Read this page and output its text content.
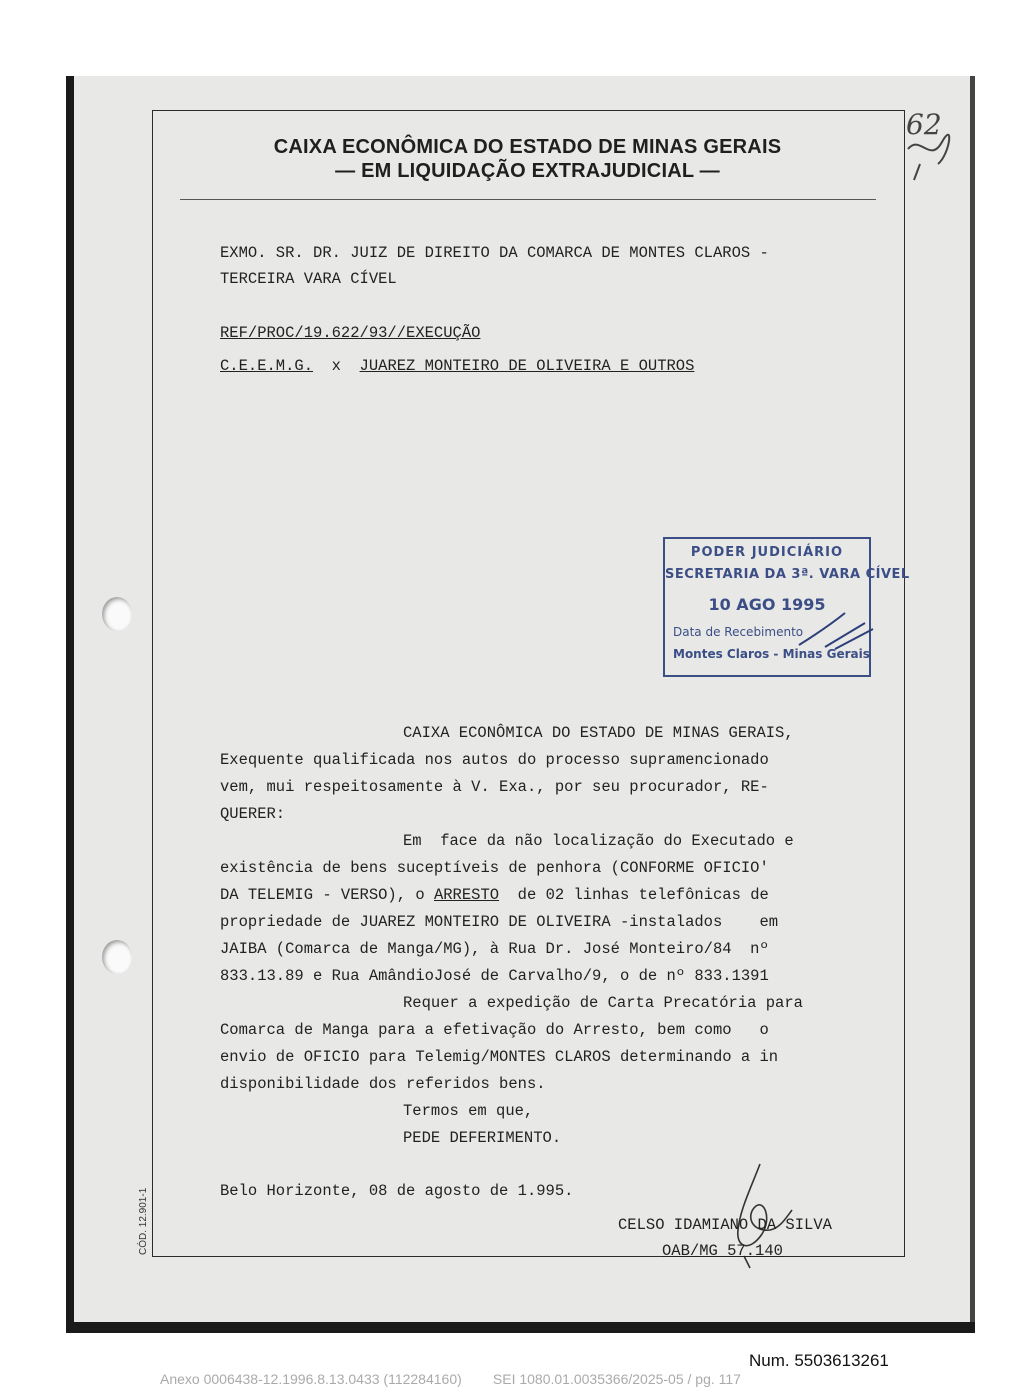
CAIXA ECONÔMICA DO ESTADO DE MINAS GERAIS
— EM LIQUIDAÇÃO EXTRAJUDICIAL —
62
EXMO. SR. DR. JUIZ DE DIREITO DA COMARCA DE MONTES CLAROS -
TERCEIRA VARA CÍVEL
REF/PROC/19.622/93//EXECUÇÃO
C.E.E.M.G. x JUAREZ MONTEIRO DE OLIVEIRA E OUTROS
PODER JUDICIÁRIO
SECRETARIA DA 3ª. VARA CÍVEL
10 AGO 1995
Data de Recebimento
Montes Claros - Minas Gerais
CAIXA ECONÔMICA DO ESTADO DE MINAS GERAIS,
Exequente qualificada nos autos do processo supramencionado
vem, mui respeitosamente à V. Exa., por seu procurador, RE-
QUERER:
Em  face da não localização do Executado e
existência de bens suceptíveis de penhora (CONFORME OFICIO'
DA TELEMIG - VERSO), o ARRESTO  de 02 linhas telefônicas de
propriedade de JUAREZ MONTEIRO DE OLIVEIRA -instalados    em
JAIBA (Comarca de Manga/MG), à Rua Dr. José Monteiro/84  nº
833.13.89 e Rua AmândioJosé de Carvalho/9, o de nº 833.1391
Requer a expedição de Carta Precatória para
Comarca de Manga para a efetivação do Arresto, bem como   o
envio de OFICIO para Telemig/MONTES CLAROS determinando a in
disponibilidade dos referidos bens.
Termos em que,
PEDE DEFERIMENTO.
Belo Horizonte, 08 de agosto de 1.995.
CELSO IDAMIANO DA SILVA
OAB/MG 57.140
CÓD. 12.901-1
Num. 5503613261
Anexo 0006438-12.1996.8.13.0433 (112284160)        SEI 1080.01.0035366/2025-05 / pg. 117
